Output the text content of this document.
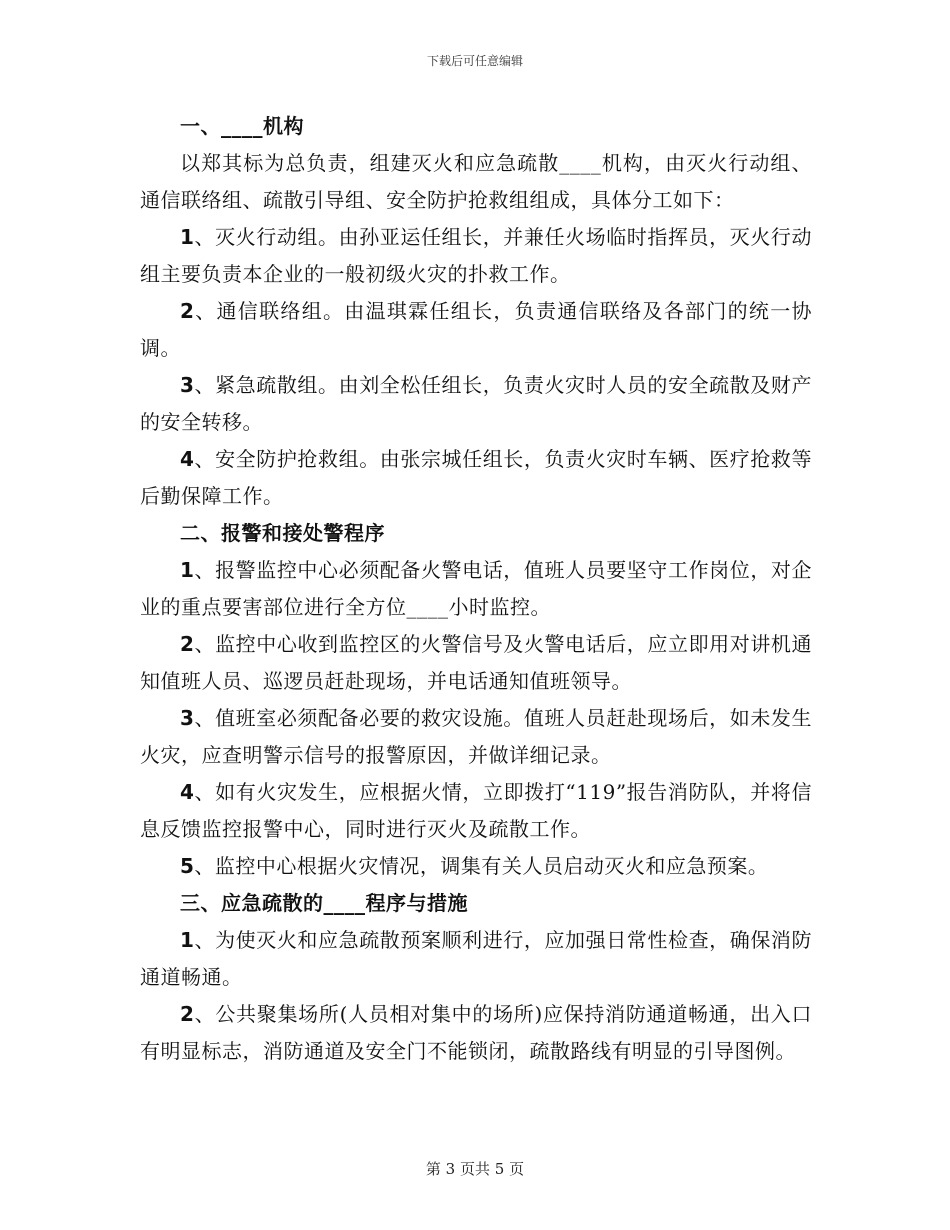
下载后可任意编辑

一、____机构

以郑其标为总负责，组建灭火和应急疏散____机构，由灭火行动组、通信联络组、疏散引导组、安全防护抢救组组成，具体分工如下：

1、灭火行动组。由孙亚运任组长，并兼任火场临时指挥员，灭火行动组主要负责本企业的一般初级火灾的扑救工作。

2、通信联络组。由温琪霖任组长，负责通信联络及各部门的统一协调。

3、紧急疏散组。由刘全松任组长，负责火灾时人员的安全疏散及财产的安全转移。

4、安全防护抢救组。由张宗城任组长，负责火灾时车辆、医疗抢救等后勤保障工作。

二、报警和接处警程序

1、报警监控中心必须配备火警电话，值班人员要坚守工作岗位，对企业的重点要害部位进行全方位____小时监控。

2、监控中心收到监控区的火警信号及火警电话后，应立即用对讲机通知值班人员、巡逻员赶赴现场，并电话通知值班领导。

3、值班室必须配备必要的救灾设施。值班人员赶赴现场后，如未发生火灾，应查明警示信号的报警原因，并做详细记录。

4、如有火灾发生，应根据火情，立即拨打“119”报告消防队，并将信息反馈监控报警中心，同时进行灭火及疏散工作。

5、监控中心根据火灾情况，调集有关人员启动灭火和应急预案。

三、应急疏散的____程序与措施

1、为使灭火和应急疏散预案顺利进行，应加强日常性检查，确保消防通道畅通。

2、公共聚集场所(人员相对集中的场所)应保持消防通道畅通，出入口有明显标志，消防通道及安全门不能锁闭，疏散路线有明显的引导图例。

第 3 页共 5 页
